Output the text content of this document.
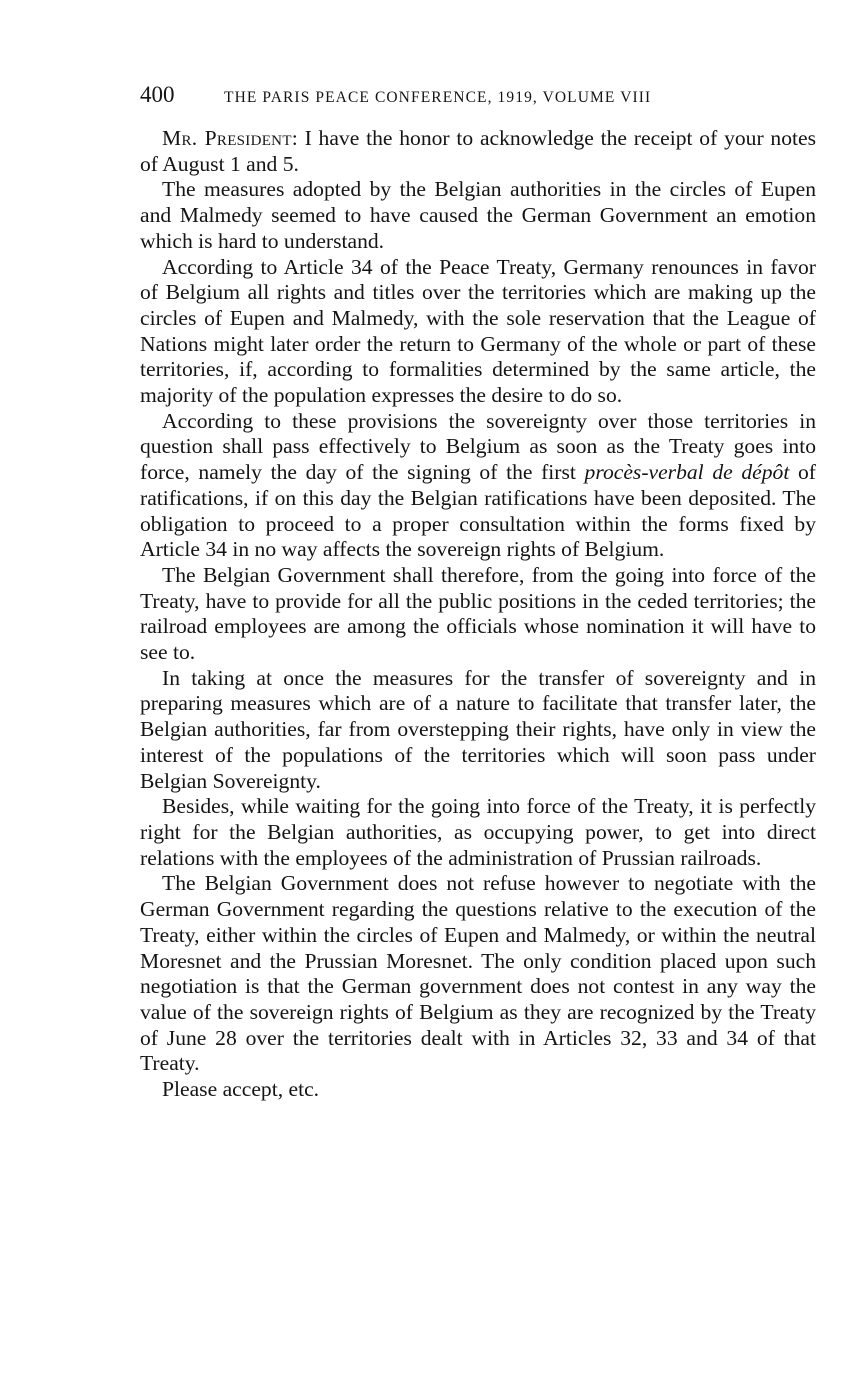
400	THE PARIS PEACE CONFERENCE, 1919, VOLUME VIII

Mr. President: I have the honor to acknowledge the receipt of your notes of August 1 and 5.

The measures adopted by the Belgian authorities in the circles of Eupen and Malmedy seemed to have caused the German Government an emotion which is hard to understand.

According to Article 34 of the Peace Treaty, Germany renounces in favor of Belgium all rights and titles over the territories which are making up the circles of Eupen and Malmedy, with the sole reservation that the League of Nations might later order the return to Germany of the whole or part of these territories, if, according to formalities determined by the same article, the majority of the population expresses the desire to do so.

According to these provisions the sovereignty over those territories in question shall pass effectively to Belgium as soon as the Treaty goes into force, namely the day of the signing of the first procès-verbal de dépôt of ratifications, if on this day the Belgian ratifications have been deposited. The obligation to proceed to a proper consultation within the forms fixed by Article 34 in no way affects the sovereign rights of Belgium.

The Belgian Government shall therefore, from the going into force of the Treaty, have to provide for all the public positions in the ceded territories; the railroad employees are among the officials whose nomination it will have to see to.

In taking at once the measures for the transfer of sovereignty and in preparing measures which are of a nature to facilitate that transfer later, the Belgian authorities, far from overstepping their rights, have only in view the interest of the populations of the territories which will soon pass under Belgian Sovereignty.

Besides, while waiting for the going into force of the Treaty, it is perfectly right for the Belgian authorities, as occupying power, to get into direct relations with the employees of the administration of Prussian railroads.

The Belgian Government does not refuse however to negotiate with the German Government regarding the questions relative to the execution of the Treaty, either within the circles of Eupen and Malmedy, or within the neutral Moresnet and the Prussian Moresnet. The only condition placed upon such negotiation is that the German government does not contest in any way the value of the sovereign rights of Belgium as they are recognized by the Treaty of June 28 over the territories dealt with in Articles 32, 33 and 34 of that Treaty.

Please accept, etc.
